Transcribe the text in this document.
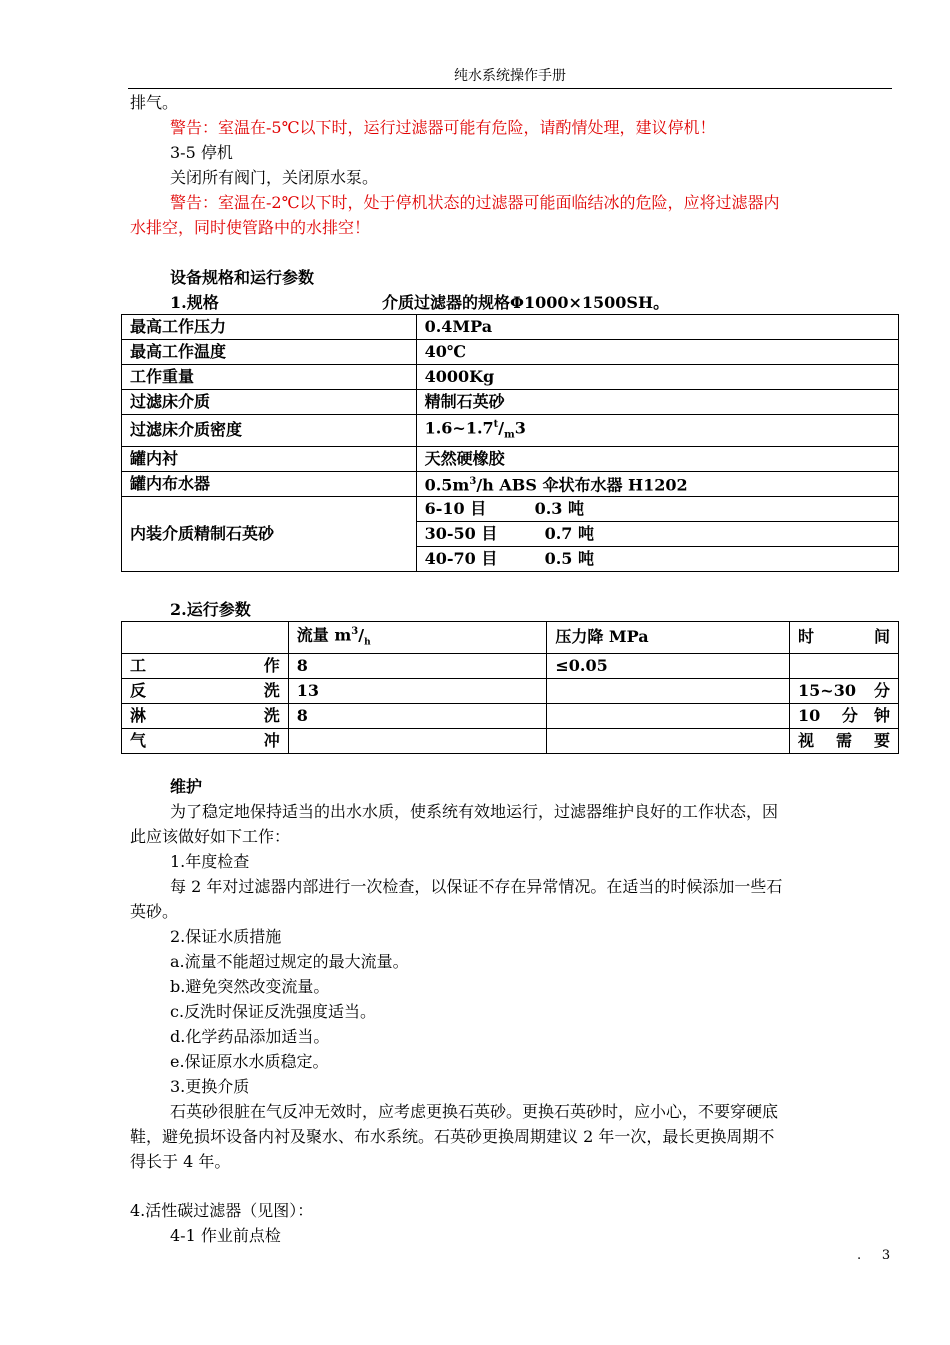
纯水系统操作手册
排气。
警告：室温在-5℃以下时，运行过滤器可能有危险，请酌情处理，建议停机！
3-5 停机
关闭所有阀门，关闭原水泵。
警告：室温在-2℃以下时，处于停机状态的过滤器可能面临结冰的危险，应将过滤器内
水排空，同时使管路中的水排空！
设备规格和运行参数
1.规格	介质过滤器的规格Φ1000×1500SH。
最高工作压力	0.4MPa
最高工作温度	40℃
工作重量	4000Kg
过滤床介质	精制石英砂
过滤床介质密度	$1.6\sim 1.7^t/_m3$
罐内衬	天然硬橡胶
罐内布水器	$0.5m^3/h$ ABS 伞状布水器 H1202
内装介质精制石英砂	6-10 目 0.3 吨
	30-50 目 0.7 吨
	40-70 目 0.5 吨
2.运行参数
	流量 $m^3/_h$	压力降 MPa	时　　间

工　　作	8	≤0.05	

反　　洗	13		15~30 分

淋　　洗	8		10 分钟

气　　冲			视需要
维护
为了稳定地保持适当的出水水质，使系统有效地运行，过滤器维护良好的工作状态，因
此应该做好如下工作：
1.年度检查
每 2 年对过滤器内部进行一次检查，以保证不存在异常情况。在适当的时候添加一些石
英砂。
2.保证水质措施
a.流量不能超过规定的最大流量。
b.避免突然改变流量。
c.反洗时保证反洗强度适当。
d.化学药品添加适当。
e.保证原水水质稳定。
3.更换介质
石英砂很脏在气反冲无效时，应考虑更换石英砂。更换石英砂时，应小心，不要穿硬底
鞋，避免损坏设备内衬及聚水、布水系统。石英砂更换周期建议 2 年一次，最长更换周期不
得长于 4 年。
4.活性碳过滤器（见图）：
4-1 作业前点检
. 3
